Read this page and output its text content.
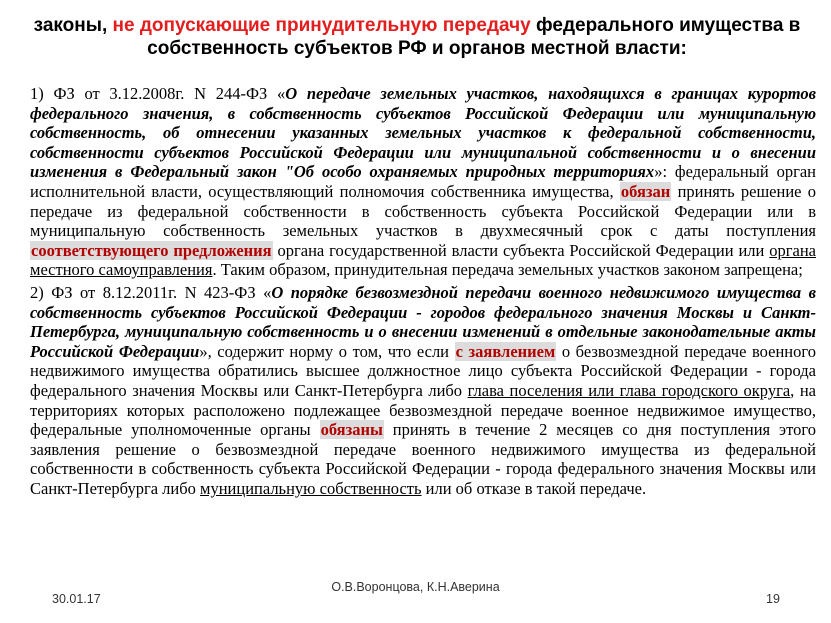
законы, не допускающие принудительную передачу федерального имущества в собственность субъектов РФ и органов местной власти:

1) ФЗ от 3.12.2008г. N 244-ФЗ «О передаче земельных участков, находящихся в границах курортов федерального значения, в собственность субъектов Российской Федерации или муниципальную собственность, об отнесении указанных земельных участков к федеральной собственности, собственности субъектов Российской Федерации или муниципальной собственности и о внесении изменения в Федеральный закон "Об особо охраняемых природных территориях»: федеральный орган исполнительной власти, осуществляющий полномочия собственника имущества, обязан принять решение о передаче из федеральной собственности в собственность субъекта Российской Федерации или в муниципальную собственность земельных участков в двухмесячный срок с даты поступления соответствующего предложения органа государственной власти субъекта Российской Федерации или органа местного самоуправления. Таким образом, принудительная передача земельных участков законом запрещена;

2) ФЗ от 8.12.2011г. N 423-ФЗ «О порядке безвозмездной передачи военного недвижимого имущества в собственность субъектов Российской Федерации - городов федерального значения Москвы и Санкт-Петербурга, муниципальную собственность и о внесении изменений в отдельные законодательные акты Российской Федерации», содержит норму о том, что если с заявлением о безвозмездной передаче военного недвижимого имущества обратились высшее должностное лицо субъекта Российской Федерации - города федерального значения Москвы или Санкт-Петербурга либо глава поселения или глава городского округа, на территориях которых расположено подлежащее безвозмездной передаче военное недвижимое имущество, федеральные уполномоченные органы обязаны принять в течение 2 месяцев со дня поступления этого заявления решение о безвозмездной передаче военного недвижимого имущества из федеральной собственности в собственность субъекта Российской Федерации - города федерального значения Москвы или Санкт-Петербурга либо муниципальную собственность или об отказе в такой передаче.

30.01.17
О.В.Воронцова, К.Н.Аверина
19
